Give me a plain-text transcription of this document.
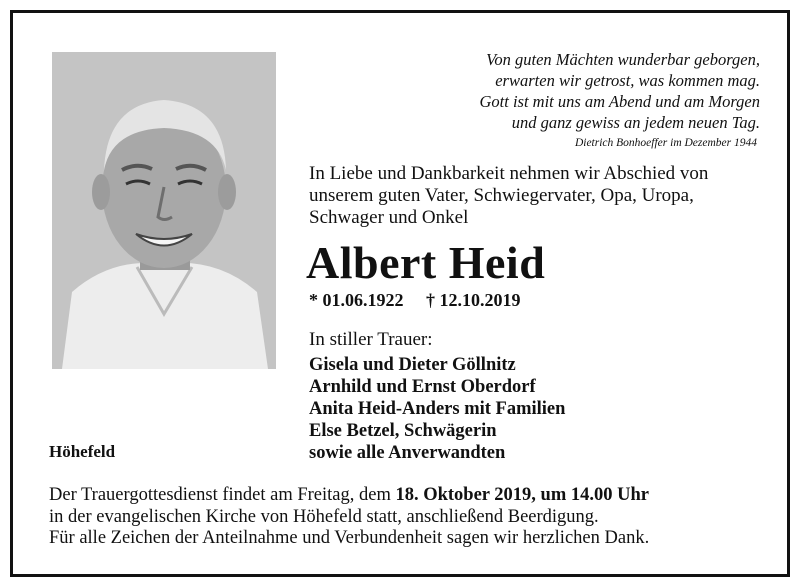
Von guten Mächten wunderbar geborgen,
erwarten wir getrost, was kommen mag.
Gott ist mit uns am Abend und am Morgen
und ganz gewiss an jedem neuen Tag.
Dietrich Bonhoeffer im Dezember 1944
In Liebe und Dankbarkeit nehmen wir Abschied von
unserem guten Vater, Schwiegervater, Opa, Uropa,
Schwager und Onkel
Albert Heid
* 01.06.1922 † 12.10.2019
In stiller Trauer:
Gisela und Dieter Göllnitz
Arnhild und Ernst Oberdorf
Anita Heid-Anders mit Familien
Else Betzel, Schwägerin
sowie alle Anverwandten
Höhefeld
Der Trauergottesdienst findet am Freitag, dem 18. Oktober 2019, um 14.00 Uhr
in der evangelischen Kirche von Höhefeld statt, anschließend Beerdigung.
Für alle Zeichen der Anteilnahme und Verbundenheit sagen wir herzlichen Dank.
